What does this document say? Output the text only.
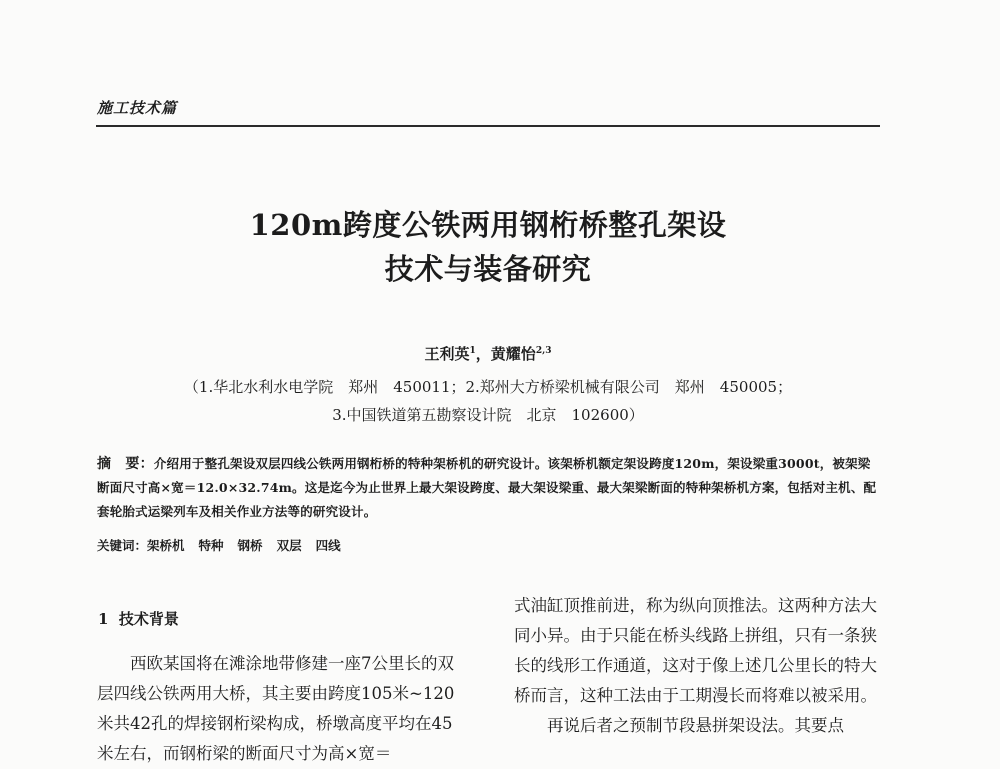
施工技术篇
120m跨度公铁两用钢桁桥整孔架设
技术与装备研究
王利英$^1$，黄耀怡$^{2,3}$
（1.华北水利水电学院　郑州　450011；2.郑州大方桥梁机械有限公司　郑州　450005；
3.中国铁道第五勘察设计院　北京　102600）
摘　要：介绍用于整孔架设双层四线公铁两用钢桁桥的特种架桥机的研究设计。该架桥机额定架设跨度120m，架设梁重3000t，被架梁断面尺寸高×宽＝12.0×32.74m。这是迄今为止世界上最大架设跨度、最大架设梁重、最大架梁断面的特种架桥机方案，包括对主机、配套轮胎式运梁列车及相关作业方法等的研究设计。
关键词：架桥机 特种 钢桥 双层 四线
1 技术背景

　　西欧某国将在滩涂地带修建一座7公里长的双层四线公铁两用大桥，其主要由跨度105米~120米共42孔的焊接钢桁梁构成，桥墩高度平均在45米左右，而钢桁梁的断面尺寸为高×宽＝

式油缸顶推前进，称为纵向顶推法。这两种方法大同小异。由于只能在桥头线路上拼组，只有一条狭长的线形工作通道，这对于像上述几公里长的特大桥而言，这种工法由于工期漫长而将难以被采用。

　　再说后者之预制节段悬拼架设法。其要点
